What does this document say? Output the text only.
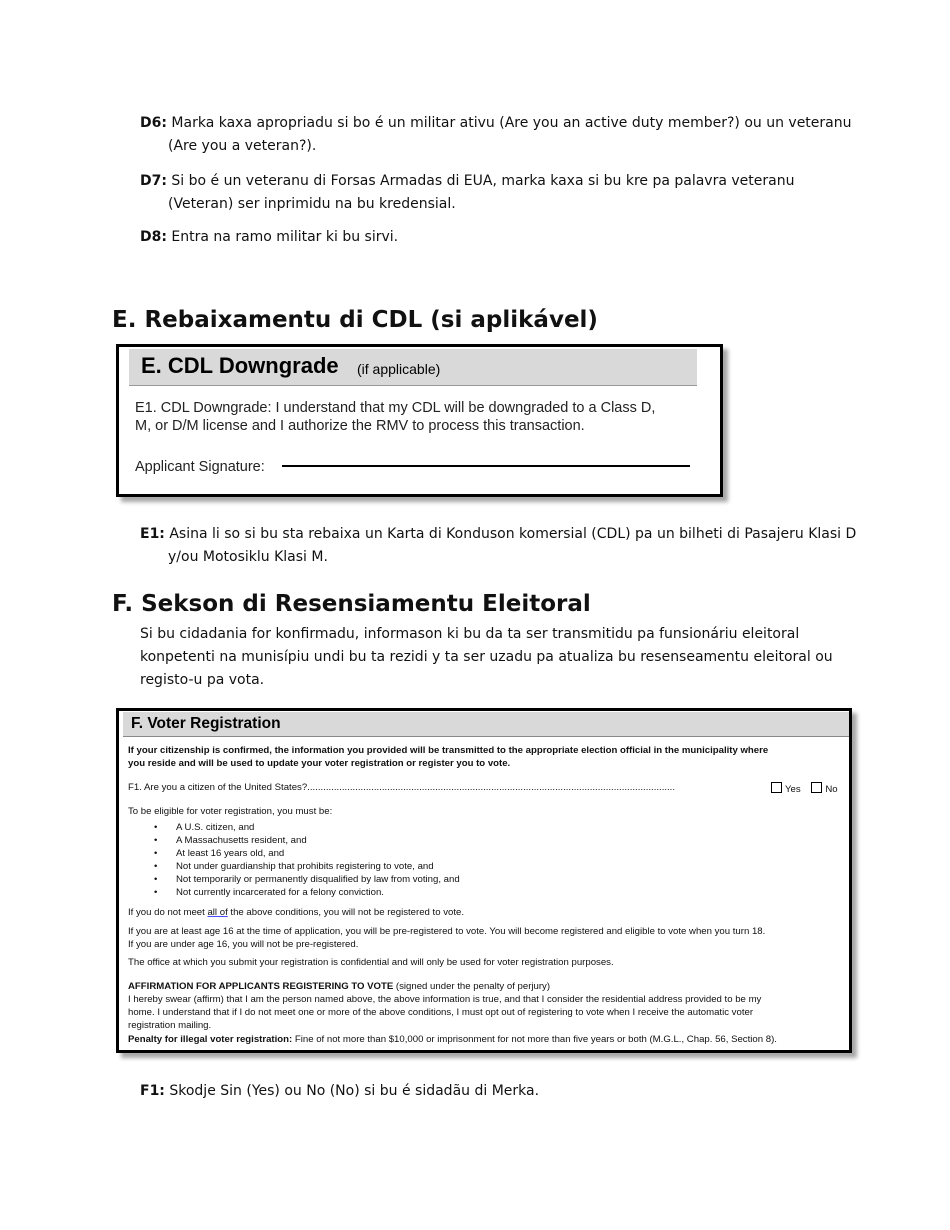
D6: Marka kaxa apropriadu si bo é un militar ativu (Are you an active duty member?) ou un veteranu (Are you a veteran?).
D7: Si bo é un veteranu di Forsas Armadas di EUA, marka kaxa si bu kre pa palavra veteranu (Veteran) ser inprimidu na bu kredensial.
D8: Entra na ramo militar ki bu sirvi.
E. Rebaixamentu di CDL (si aplikável)
E. CDL Downgrade (if applicable)
E1. CDL Downgrade: I understand that my CDL will be downgraded to a Class D,
M, or D/M license and I authorize the RMV to process this transaction.
Applicant Signature:
E1: Asina li so si bu sta rebaixa un Karta di Konduson komersial (CDL) pa un bilheti di Pasajeru Klasi D y/ou Motosiklu Klasi M.
F. Sekson di Resensiamentu Eleitoral
Si bu cidadania for konfirmadu, informason ki bu da ta ser transmitidu pa funsionáriu eleitoral konpetenti na munisípiu undi bu ta rezidi y ta ser uzadu pa atualiza bu resenseamentu eleitoral ou registo-u pa vota.
F. Voter Registration
If your citizenship is confirmed, the information you provided will be transmitted to the appropriate election official in the municipality where
you reside and will be used to update your voter registration or register you to vote.
F1. Are you a citizen of the United States?..........................................................................................................................................	Yes	No
To be eligible for voter registration, you must be:
• A U.S. citizen, and
• A Massachusetts resident, and
• At least 16 years old, and
• Not under guardianship that prohibits registering to vote, and
• Not temporarily or permanently disqualified by law from voting, and
• Not currently incarcerated for a felony conviction.
If you do not meet all of the above conditions, you will not be registered to vote.
If you are at least age 16 at the time of application, you will be pre-registered to vote. You will become registered and eligible to vote when you turn 18.
If you are under age 16, you will not be pre-registered.
The office at which you submit your registration is confidential and will only be used for voter registration purposes.
AFFIRMATION FOR APPLICANTS REGISTERING TO VOTE (signed under the penalty of perjury)
I hereby swear (affirm) that I am the person named above, the above information is true, and that I consider the residential address provided to be my
home. I understand that if I do not meet one or more of the above conditions, I must opt out of registering to vote when I receive the automatic voter
registration mailing.
Penalty for illegal voter registration: Fine of not more than $10,000 or imprisonment for not more than five years or both (M.G.L., Chap. 56, Section 8).
F1: Skodje Sin (Yes) ou No (No) si bu é sidadãu di Merka.
